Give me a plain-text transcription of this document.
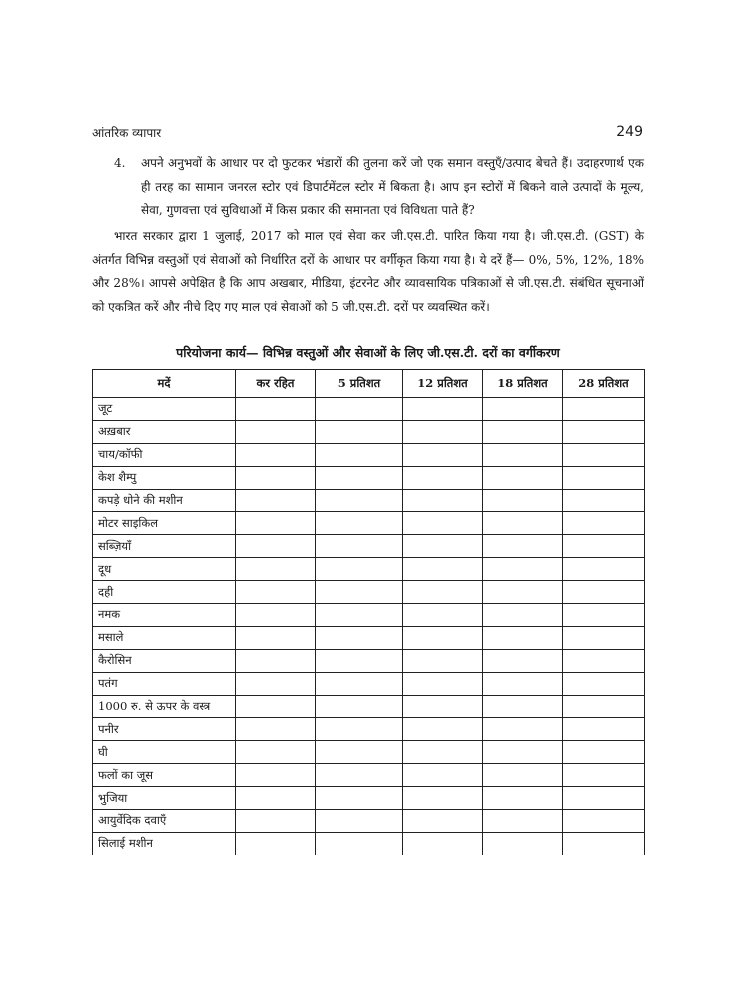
आंतरिक व्यापार	249
4. अपने अनुभवों के आधार पर दो फुटकर भंडारों की तुलना करें जो एक समान वस्तुएँ/उत्पाद बेचते हैं। उदाहरणार्थ एक ही तरह का सामान जनरल स्टोर एवं डिपार्टमेंटल स्टोर में बिकता है। आप इन स्टोरों में बिकने वाले उत्पादों के मूल्य, सेवा, गुणवत्ता एवं सुविधाओं में किस प्रकार की समानता एवं विविधता पाते हैं?
भारत सरकार द्वारा 1 जुलाई, 2017 को माल एवं सेवा कर जी.एस.टी. पारित किया गया है। जी.एस.टी. (GST) के अंतर्गत विभिन्न वस्तुओं एवं सेवाओं को निर्धारित दरों के आधार पर वर्गीकृत किया गया है। ये दरें हैं— 0%, 5%, 12%, 18% और 28%। आपसे अपेक्षित है कि आप अखबार, मीडिया, इंटरनेट और व्यावसायिक पत्रिकाओं से जी.एस.टी. संबंधित सूचनाओं को एकत्रित करें और नीचे दिए गए माल एवं सेवाओं को 5 जी.एस.टी. दरों पर व्यवस्थित करें।
परियोजना कार्य— विभिन्न वस्तुओं और सेवाओं के लिए जी.एस.टी. दरों का वर्गीकरण
मदें	कर रहित	5 प्रतिशत	12 प्रतिशत	18 प्रतिशत	28 प्रतिशत
जूट					
अख़बार					
चाय/कॉफी					
केश शैम्पु					
कपड़े धोने की मशीन					
मोटर साइकिल					
सब्ज़ियाँ					
दूध					
दही					
नमक					
मसाले					
कैरोसिन					
पतंग					
1000 रु. से ऊपर के वस्त्र					
पनीर					
घी					
फलों का जूस					
भुजिया					
आयुर्वेदिक दवाएँ					
सिलाई मशीन					
